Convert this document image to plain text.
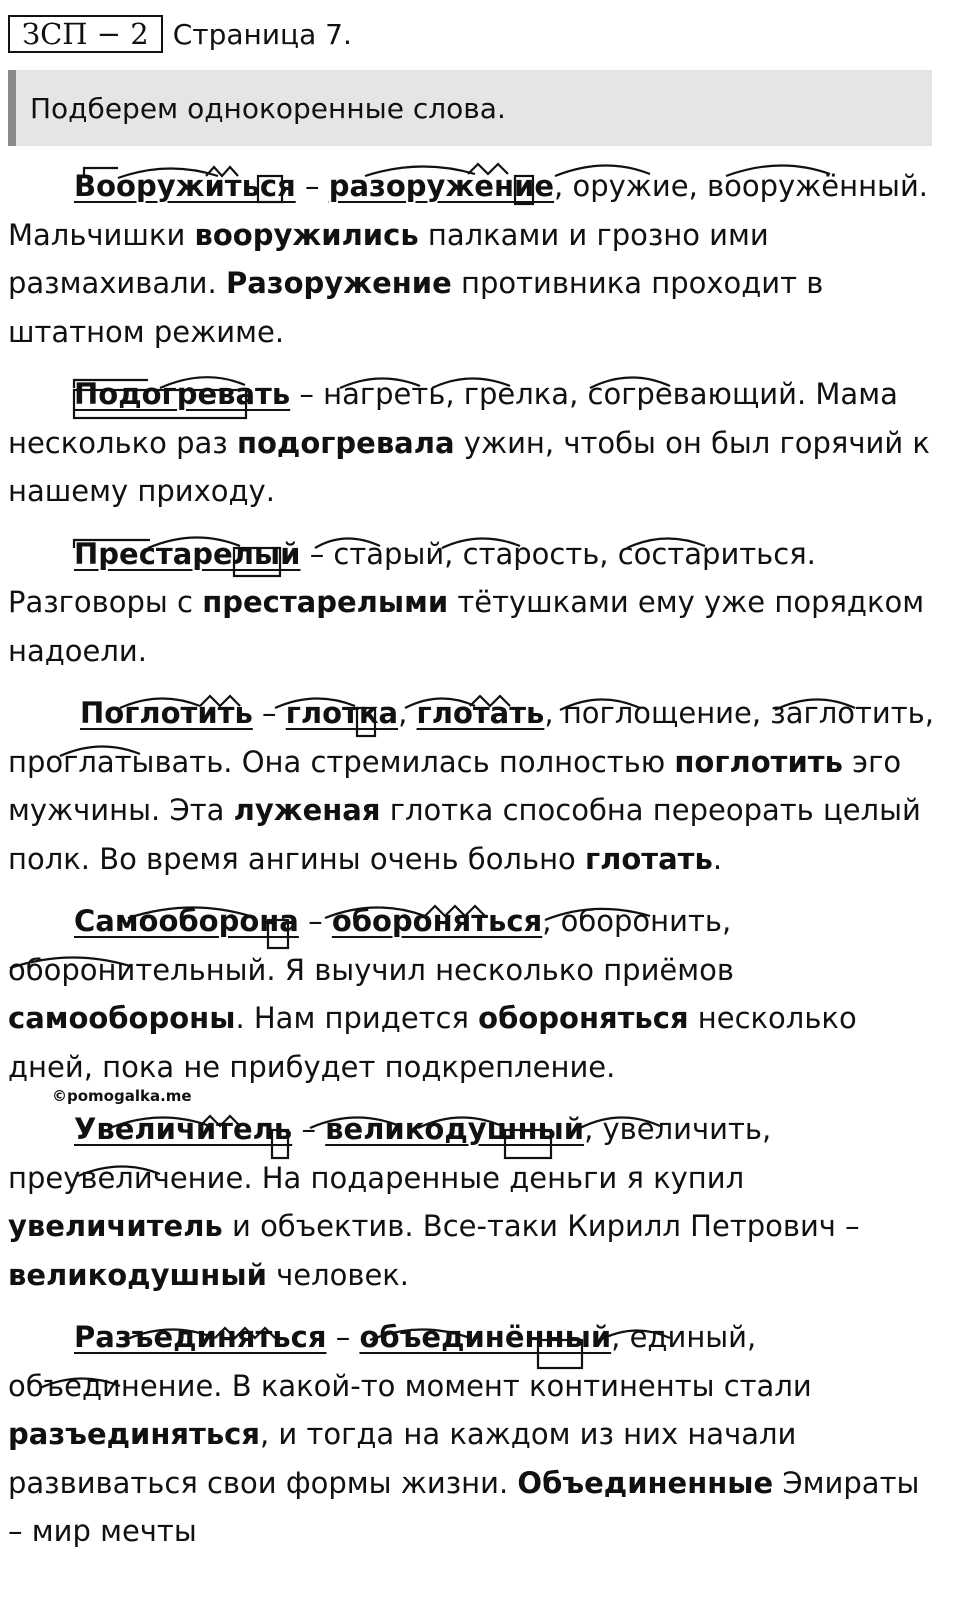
ЗСП − 2 Страница 7.
Подберем однокоренные слова.

Вооружиться – разоружение, оружие, вооружённый. Мальчишки вооружились палками и грозно ими размахивали. Разоружение противника проходит в штатном режиме.

Подогревать – нагреть, грелка, согревающий. Мама несколько раз подогревала ужин, чтобы он был горячий к нашему приходу.

Престарелый – старый, старость, состариться. Разговоры с престарелыми тётушками ему уже порядком надоели.

Поглотить – глотка, глотать, поглощение, заглотить, проглатывать. Она стремилась полностью поглотить эго мужчины. Эта луженая глотка способна переорать целый полк. Во время ангины очень больно глотать.

Самооборона – обороняться, оборонить, оборонительный. Я выучил несколько приёмов самообороны. Нам придется обороняться несколько дней, пока не прибудет подкрепление.

Увеличитель – великодушный, увеличить, преувеличение. На подаренные деньги я купил увеличитель и объектив. Все-таки Кирилл Петрович – великодушный человек.

Разъединяться – объединённый, единый, объединение. В какой-то момент континенты стали разъединяться, и тогда на каждом из них начали развиваться свои формы жизни. Объединенные Эмираты – мир мечты

©pomogalka.me
